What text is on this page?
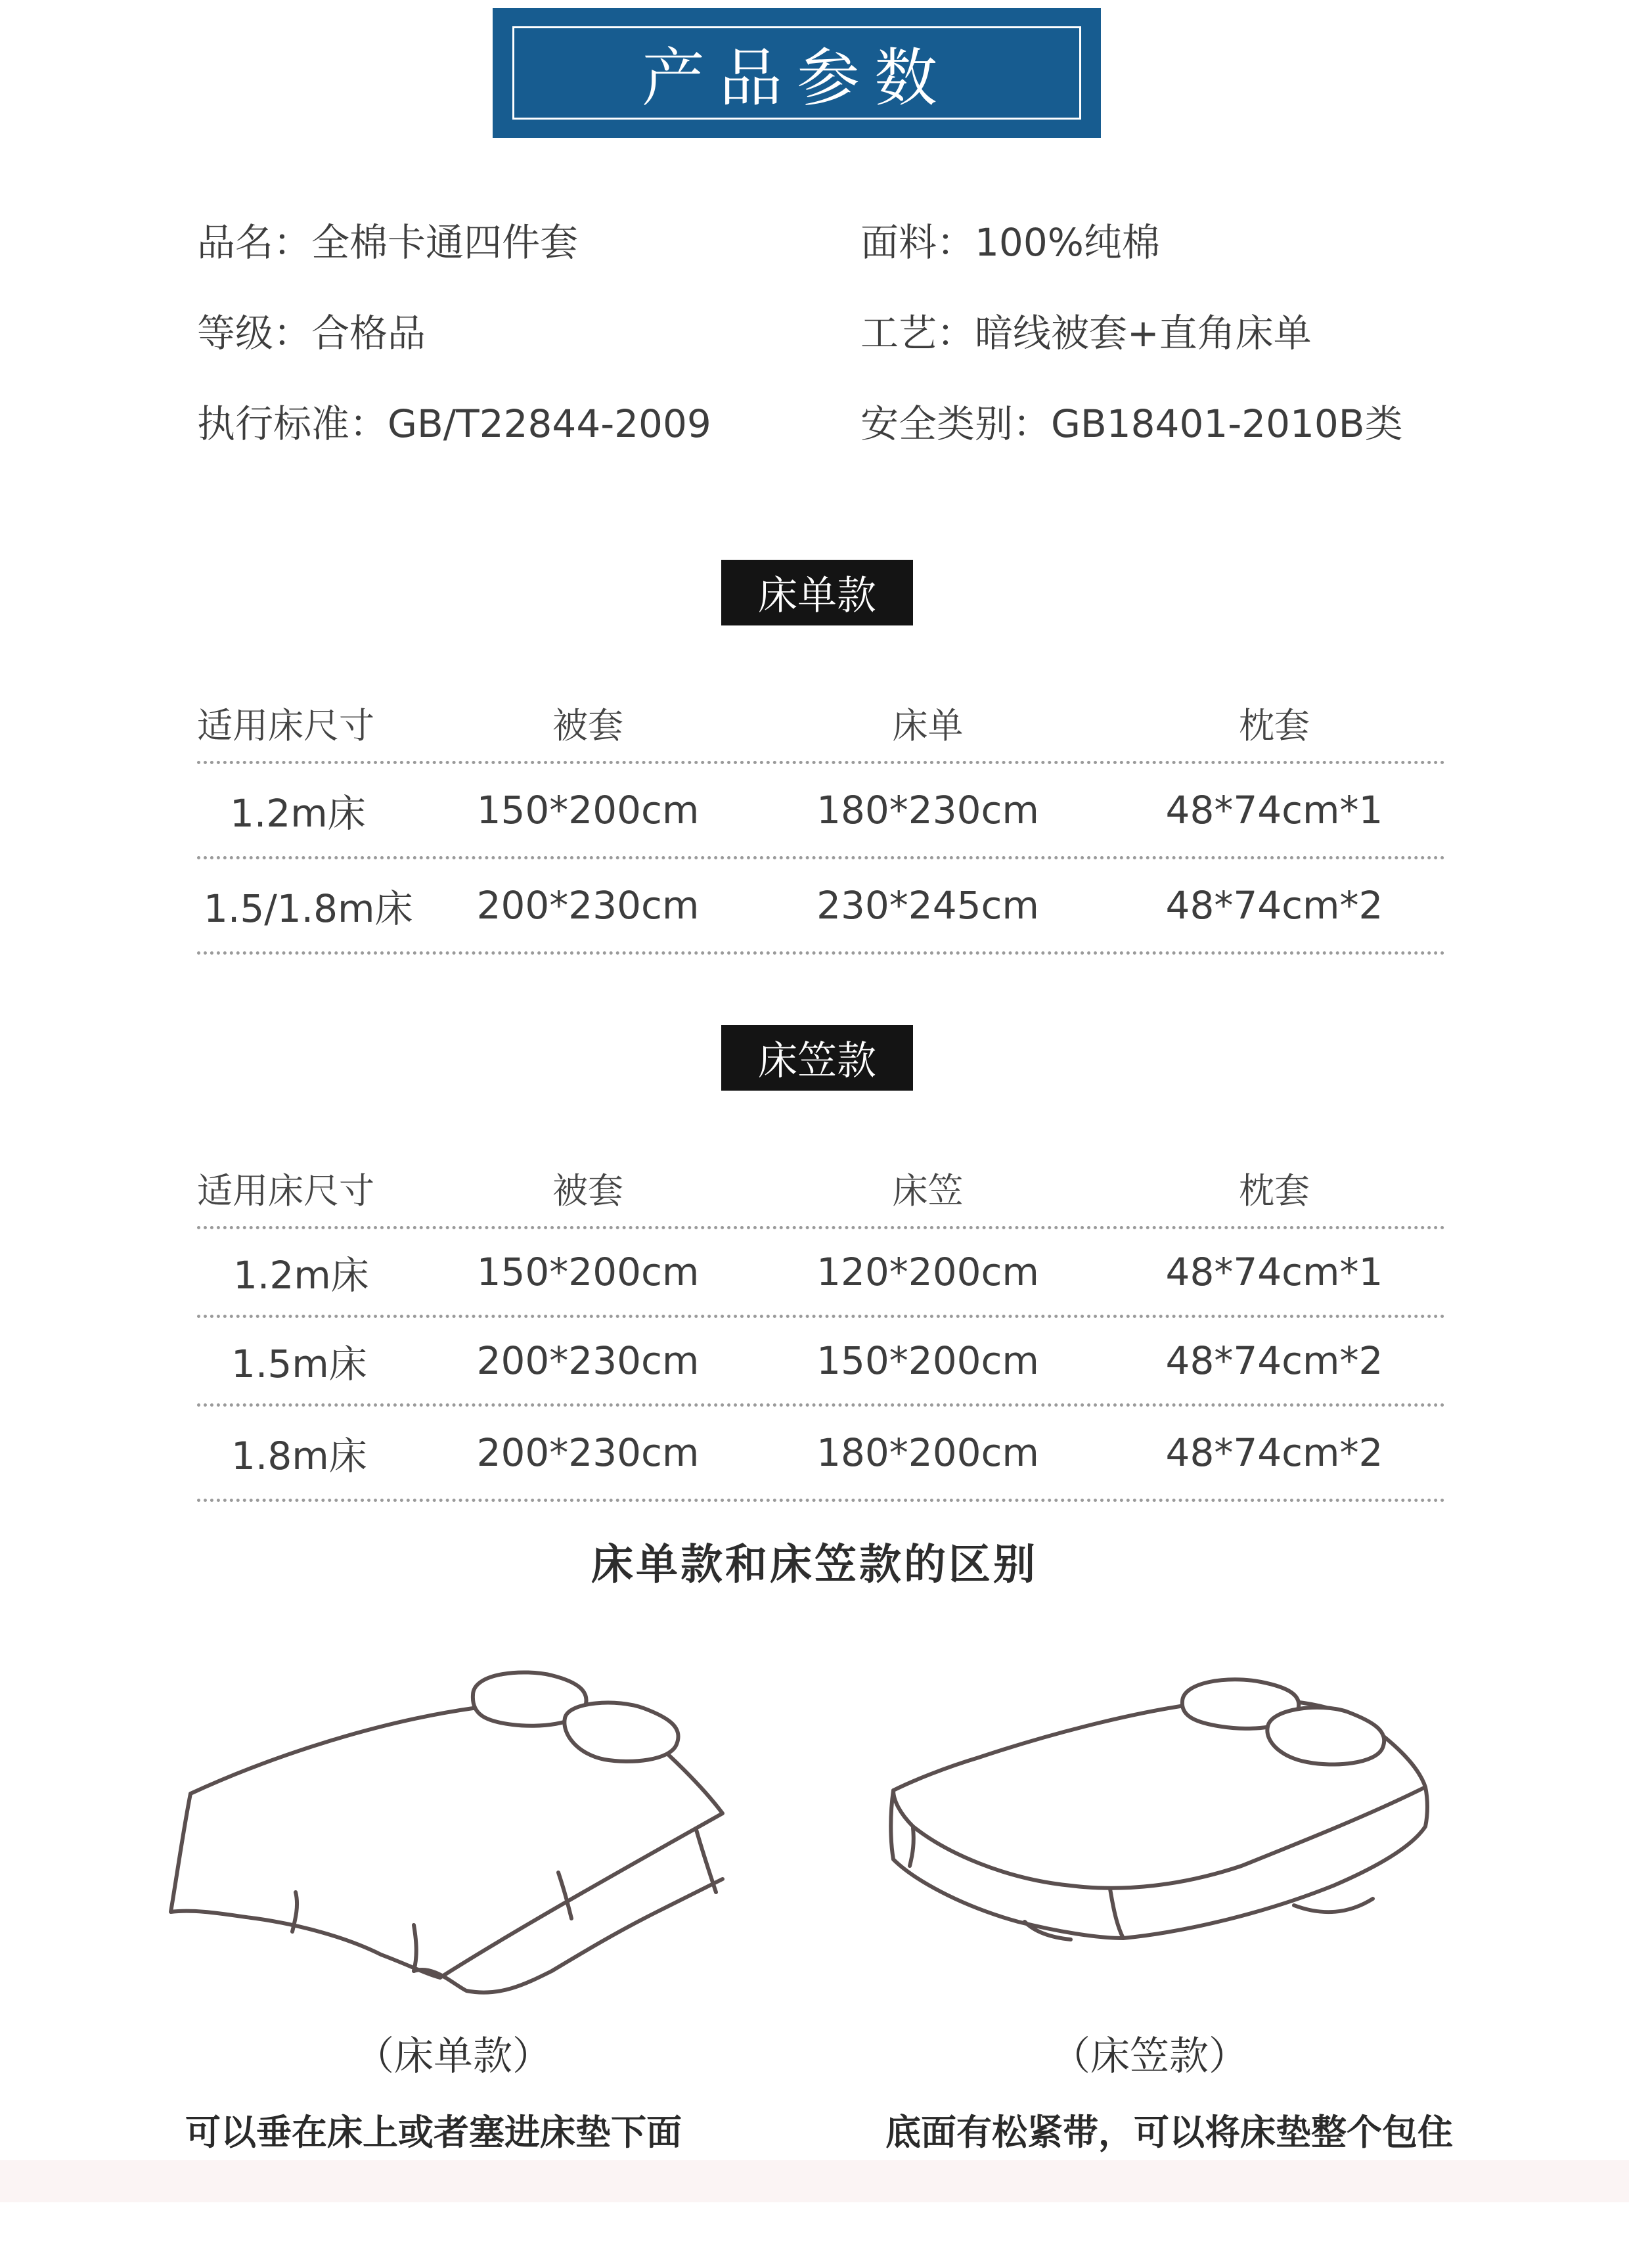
产品参数
品名：全棉卡通四件套	面料：100%纯棉
等级：合格品	工艺：暗线被套+直角床单
执行标准：GB/T22844-2009	安全类别：GB18401-2010B类
床单款
适用床尺寸	被套	床单	枕套
1.2m床	150*200cm	180*230cm	48*74cm*1
1.5/1.8m床	200*230cm	230*245cm	48*74cm*2
床笠款
适用床尺寸	被套	床笠	枕套
1.2m床	150*200cm	120*200cm	48*74cm*1
1.5m床	200*230cm	150*200cm	48*74cm*2
1.8m床	200*230cm	180*200cm	48*74cm*2
床单款和床笠款的区别
（床单款）
可以垂在床上或者塞进床垫下面
（床笠款）
底面有松紧带，可以将床垫整个包住
